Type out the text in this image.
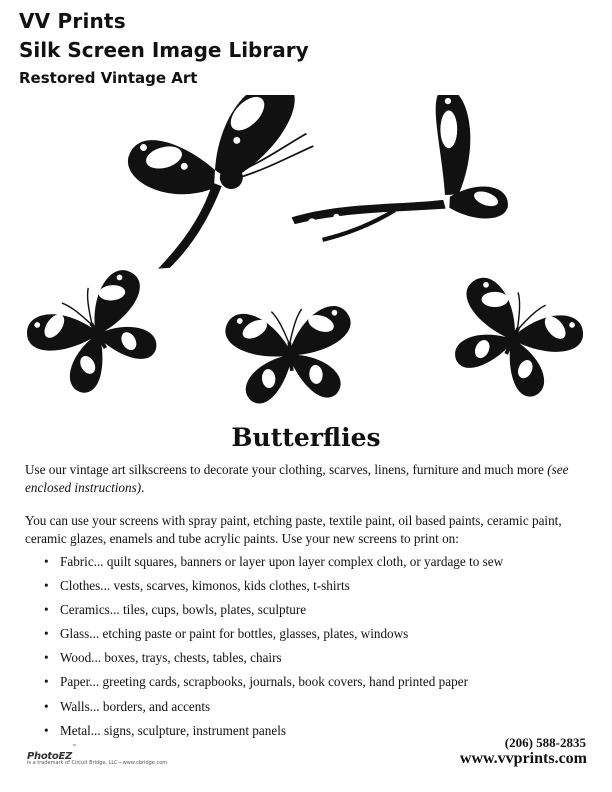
VV Prints
Silk Screen Image Library
Restored Vintage Art
Butterflies
Use our vintage art silkscreens to decorate your clothing, scarves, linens, furniture and much more (see enclosed instructions).
You can use your screens with spray paint, etching paste, textile paint, oil based paints, ceramic paint, ceramic glazes, enamels and tube acrylic paints. Use your new screens to print on:
• Fabric... quilt squares, banners or layer upon layer complex cloth, or yardage to sew
• Clothes... vests, scarves, kimonos, kids clothes, t-shirts
• Ceramics... tiles, cups, bowls, plates, sculpture
• Glass... etching paste or paint for bottles, glasses, plates, windows
• Wood... boxes, trays, chests, tables, chairs
• Paper... greeting cards, scrapbooks, journals, book covers, hand printed paper
• Walls... borders, and accents
• Metal... signs, sculpture, instrument panels
PhotoEZ™
is a trademark of Circuit Bridge, LLC—www.cbridge.com
(206) 588-2835
www.vvprints.com
